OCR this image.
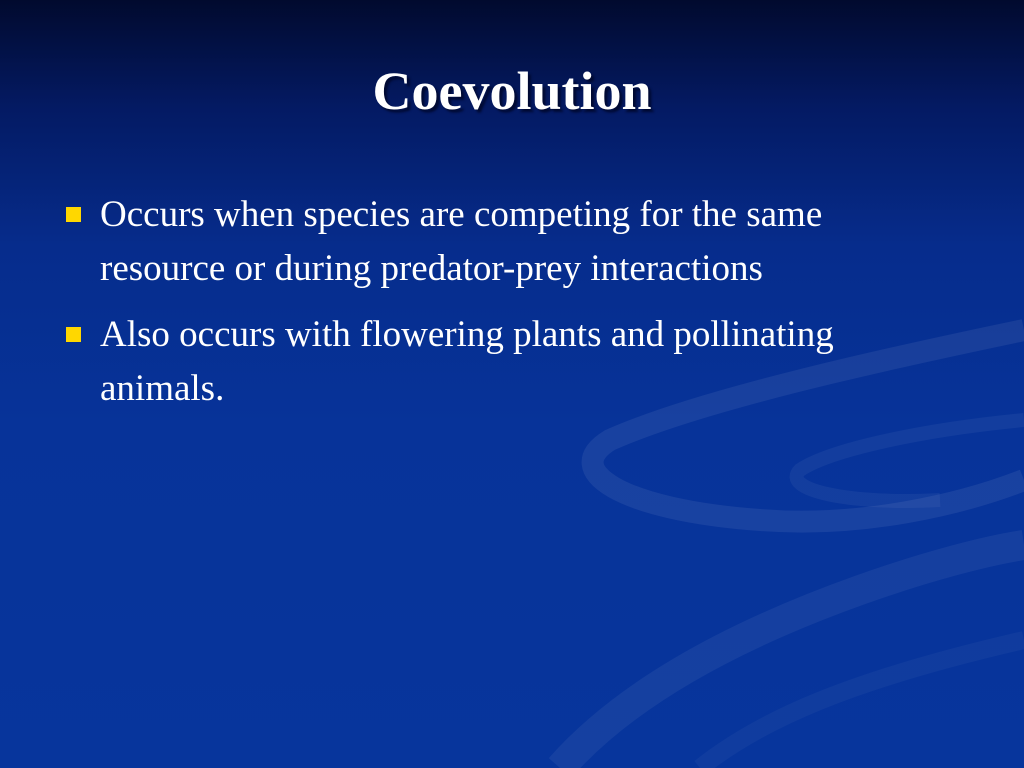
Coevolution
Occurs when species are competing for the same resource or during predator-prey interactions
Also occurs with flowering plants and pollinating animals.
